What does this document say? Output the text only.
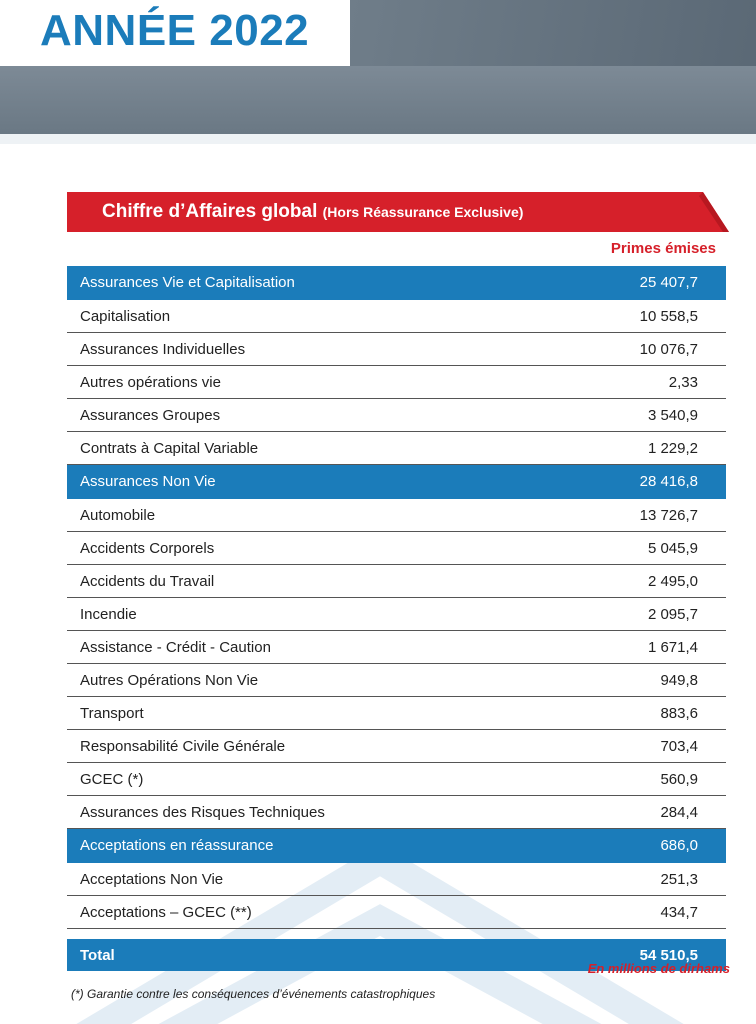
ANNÉE 2022
Chiffre d’Affaires global (Hors Réassurance Exclusive)
Primes émises
Assurances Vie et Capitalisation	25 407,7
Capitalisation	10 558,5
Assurances Individuelles	10 076,7
Autres opérations vie	2,33
Assurances Groupes	3 540,9
Contrats à Capital Variable	1 229,2
Assurances Non Vie	28 416,8
Automobile	13 726,7
Accidents Corporels	5 045,9
Accidents du Travail	2 495,0
Incendie	2 095,7
Assistance - Crédit - Caution	1 671,4
Autres Opérations Non Vie	949,8
Transport	883,6
Responsabilité Civile Générale	703,4
GCEC (*)	560,9
Assurances des Risques Techniques	284,4
Acceptations en réassurance	686,0
Acceptations Non Vie	251,3
Acceptations – GCEC (**)	434,7

Total	54 510,5
En millions de dirhams
(*) Garantie contre les conséquences d’événements catastrophiques
